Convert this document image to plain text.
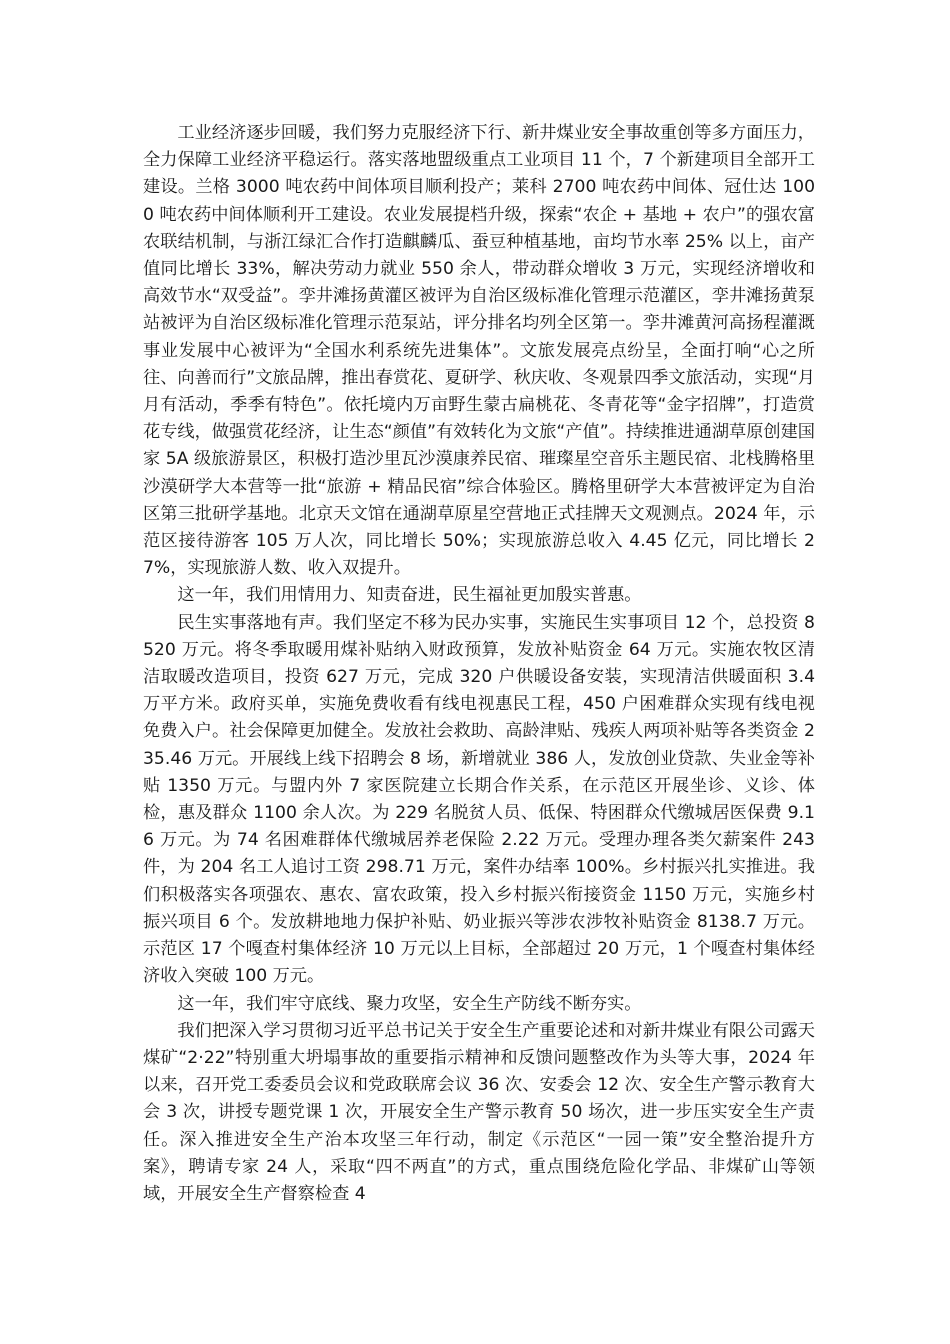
工业经济逐步回暖，我们努力克服经济下行、新井煤业安全事故重创等多方面压力，全力保障工业经济平稳运行。落实落地盟级重点工业项目 11 个，7 个新建项目全部开工建设。兰格 3000 吨农药中间体项目顺利投产；莱科 2700 吨农药中间体、冠仕达 1000 吨农药中间体顺利开工建设。农业发展提档升级，探索“农企 + 基地 + 农户”的强农富农联结机制，与浙江绿汇合作打造麒麟瓜、蚕豆种植基地，亩均节水率 25% 以上，亩产值同比增长 33%，解决劳动力就业 550 余人，带动群众增收 3 万元，实现经济增收和高效节水“双受益”。孪井滩扬黄灌区被评为自治区级标准化管理示范灌区，孪井滩扬黄泵站被评为自治区级标准化管理示范泵站，评分排名均列全区第一。孪井滩黄河高扬程灌溉事业发展中心被评为“全国水利系统先进集体”。文旅发展亮点纷呈，全面打响“心之所往、向善而行”文旅品牌，推出春赏花、夏研学、秋庆收、冬观景四季文旅活动，实现“月月有活动，季季有特色”。依托境内万亩野生蒙古扁桃花、冬青花等“金字招牌”，打造赏花专线，做强赏花经济，让生态“颜值”有效转化为文旅“产值”。持续推进通湖草原创建国家 5A 级旅游景区，积极打造沙里瓦沙漠康养民宿、璀璨星空音乐主题民宿、北栈腾格里沙漠研学大本营等一批“旅游 + 精品民宿”综合体验区。腾格里研学大本营被评定为自治区第三批研学基地。北京天文馆在通湖草原星空营地正式挂牌天文观测点。2024 年，示范区接待游客 105 万人次，同比增长 50%；实现旅游总收入 4.45 亿元，同比增长 27%，实现旅游人数、收入双提升。

这一年，我们用情用力、知责奋进，民生福祉更加殷实普惠。

民生实事落地有声。我们坚定不移为民办实事，实施民生实事项目 12 个，总投资 8520 万元。将冬季取暖用煤补贴纳入财政预算，发放补贴资金 64 万元。实施农牧区清洁取暖改造项目，投资 627 万元，完成 320 户供暖设备安装，实现清洁供暖面积 3.4 万平方米。政府买单，实施免费收看有线电视惠民工程，450 户困难群众实现有线电视免费入户。社会保障更加健全。发放社会救助、高龄津贴、残疾人两项补贴等各类资金 235.46 万元。开展线上线下招聘会 8 场，新增就业 386 人，发放创业贷款、失业金等补贴 1350 万元。与盟内外 7 家医院建立长期合作关系，在示范区开展坐诊、义诊、体检，惠及群众 1100 余人次。为 229 名脱贫人员、低保、特困群众代缴城居医保费 9.16 万元。为 74 名困难群体代缴城居养老保险 2.22 万元。受理办理各类欠薪案件 243 件，为 204 名工人追讨工资 298.71 万元，案件办结率 100%。乡村振兴扎实推进。我们积极落实各项强农、惠农、富农政策，投入乡村振兴衔接资金 1150 万元，实施乡村振兴项目 6 个。发放耕地地力保护补贴、奶业振兴等涉农涉牧补贴资金 8138.7 万元。示范区 17 个嘎查村集体经济 10 万元以上目标，全部超过 20 万元，1 个嘎查村集体经济收入突破 100 万元。

这一年，我们牢守底线、聚力攻坚，安全生产防线不断夯实。

我们把深入学习贯彻习近平总书记关于安全生产重要论述和对新井煤业有限公司露天煤矿“2·22”特别重大坍塌事故的重要指示精神和反馈问题整改作为头等大事，2024 年以来，召开党工委委员会议和党政联席会议 36 次、安委会 12 次、安全生产警示教育大会 3 次，讲授专题党课 1 次，开展安全生产警示教育 50 场次，进一步压实安全生产责任。深入推进安全生产治本攻坚三年行动，制定《示范区“一园一策”安全整治提升方案》，聘请专家 24 人，采取“四不两直”的方式，重点围绕危险化学品、非煤矿山等领域，开展安全生产督察检查 4
